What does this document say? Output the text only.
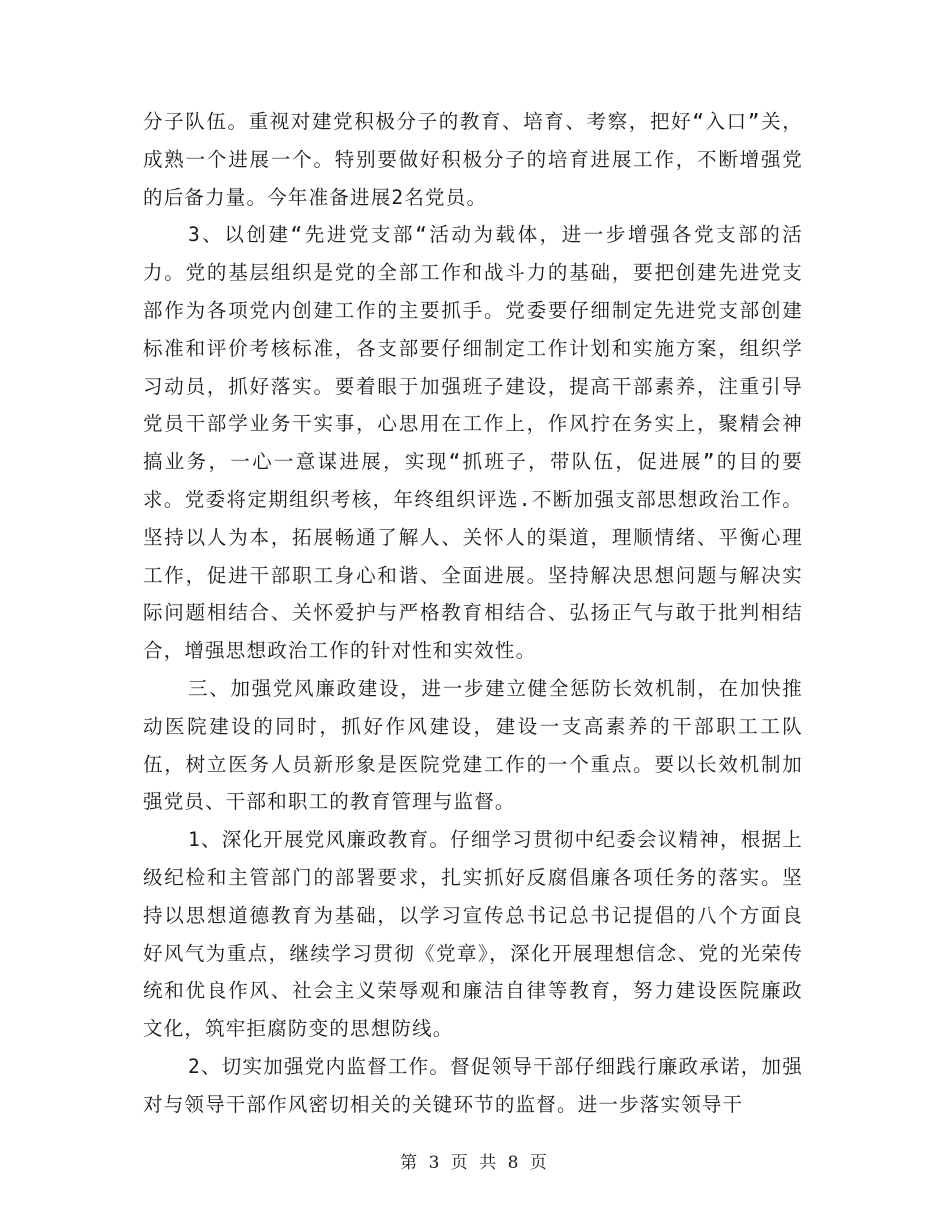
分子队伍。重视对建党积极分子的教育、培育、考察，把好“入口”关，成熟一个进展一个。特别要做好积极分子的培育进展工作，不断增强党的后备力量。今年准备进展2名党员。

3、以创建“先进党支部“活动为载体，进一步增强各党支部的活力。党的基层组织是党的全部工作和战斗力的基础，要把创建先进党支部作为各项党内创建工作的主要抓手。党委要仔细制定先进党支部创建标准和评价考核标准，各支部要仔细制定工作计划和实施方案，组织学习动员，抓好落实。要着眼于加强班子建设，提高干部素养，注重引导党员干部学业务干实事，心思用在工作上，作风拧在务实上，聚精会神搞业务，一心一意谋进展，实现“抓班子，带队伍，促进展”的目的要求。党委将定期组织考核，年终组织评选.不断加强支部思想政治工作。坚持以人为本，拓展畅通了解人、关怀人的渠道，理顺情绪、平衡心理工作，促进干部职工身心和谐、全面进展。坚持解决思想问题与解决实际问题相结合、关怀爱护与严格教育相结合、弘扬正气与敢于批判相结合，增强思想政治工作的针对性和实效性。

三、加强党风廉政建设，进一步建立健全惩防长效机制，在加快推动医院建设的同时，抓好作风建设，建设一支高素养的干部职工工队伍，树立医务人员新形象是医院党建工作的一个重点。要以长效机制加强党员、干部和职工的教育管理与监督。

1、深化开展党风廉政教育。仔细学习贯彻中纪委会议精神，根据上级纪检和主管部门的部署要求，扎实抓好反腐倡廉各项任务的落实。坚持以思想道德教育为基础，以学习宣传总书记总书记提倡的八个方面良好风气为重点，继续学习贯彻《党章》，深化开展理想信念、党的光荣传统和优良作风、社会主义荣辱观和廉洁自律等教育，努力建设医院廉政文化，筑牢拒腐防变的思想防线。

2、切实加强党内监督工作。督促领导干部仔细践行廉政承诺，加强对与领导干部作风密切相关的关键环节的监督。进一步落实领导干

第 3 页 共 8 页
